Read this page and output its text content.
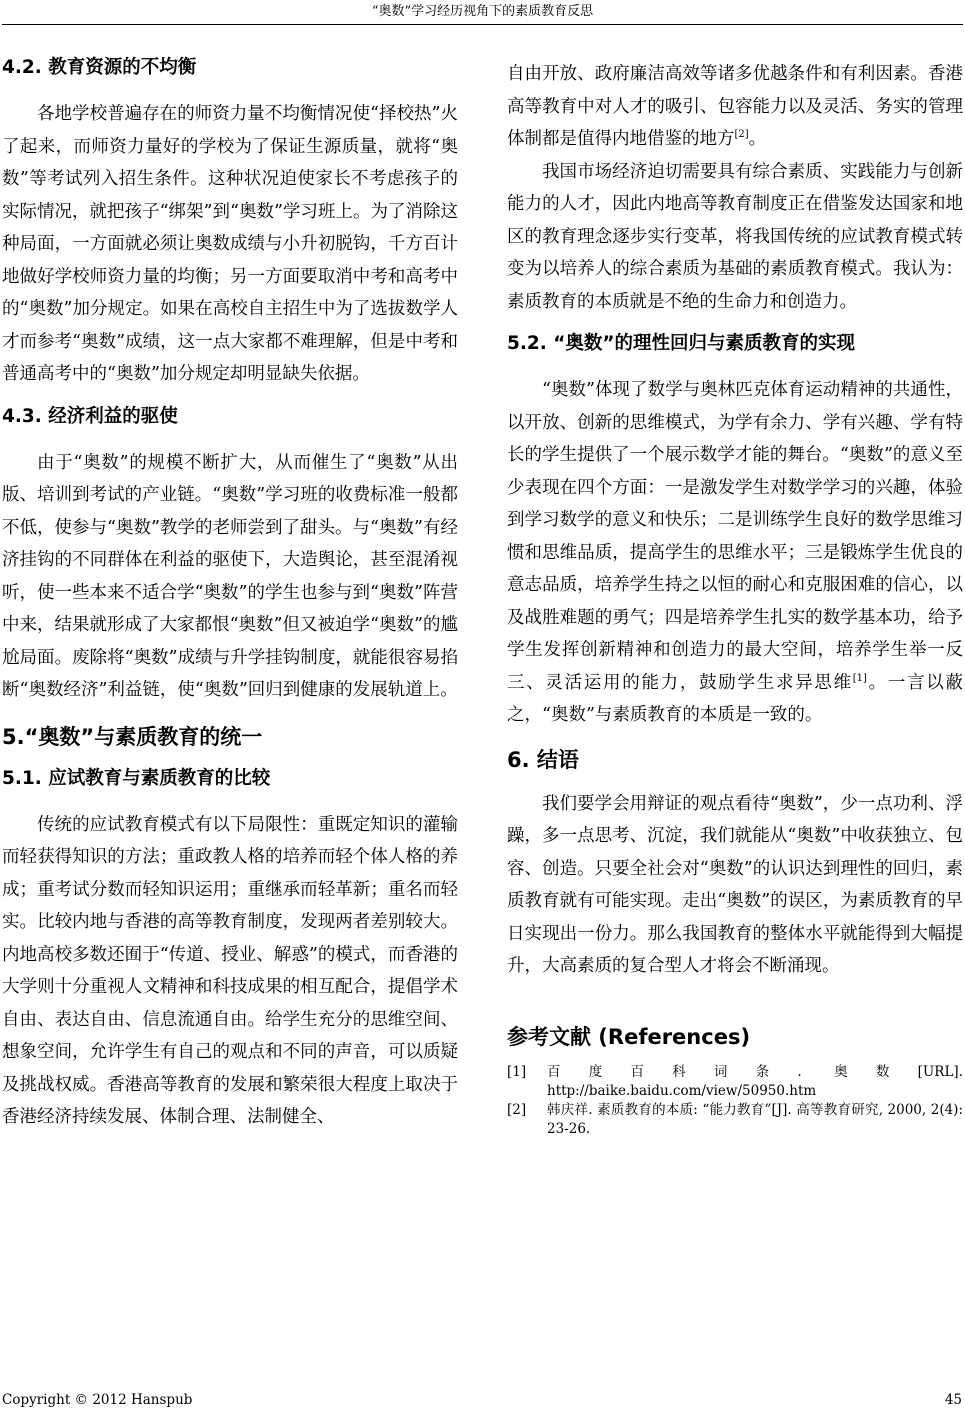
“奥数”学习经历视角下的素质教育反思
4.2. 教育资源的不均衡

各地学校普遍存在的师资力量不均衡情况使“择校热”火了起来，而师资力量好的学校为了保证生源质量，就将“奥数”等考试列入招生条件。这种状况迫使家长不考虑孩子的实际情况，就把孩子“绑架”到“奥数”学习班上。为了消除这种局面，一方面就必须让奥数成绩与小升初脱钩，千方百计地做好学校师资力量的均衡；另一方面要取消中考和高考中的“奥数”加分规定。如果在高校自主招生中为了选拔数学人才而参考“奥数”成绩，这一点大家都不难理解，但是中考和普通高考中的“奥数”加分规定却明显缺失依据。

4.3. 经济利益的驱使

由于“奥数”的规模不断扩大，从而催生了“奥数”从出版、培训到考试的产业链。“奥数”学习班的收费标准一般都不低，使参与“奥数”教学的老师尝到了甜头。与“奥数”有经济挂钩的不同群体在利益的驱使下，大造舆论，甚至混淆视听，使一些本来不适合学“奥数”的学生也参与到“奥数”阵营中来，结果就形成了大家都恨“奥数”但又被迫学“奥数”的尴尬局面。废除将“奥数”成绩与升学挂钩制度，就能很容易掐断“奥数经济”利益链，使“奥数”回归到健康的发展轨道上。

5.“奥数”与素质教育的统一
5.1. 应试教育与素质教育的比较

传统的应试教育模式有以下局限性：重既定知识的灌输而轻获得知识的方法；重政教人格的培养而轻个体人格的养成；重考试分数而轻知识运用；重继承而轻革新；重名而轻实。比较内地与香港的高等教育制度，发现两者差别较大。内地高校多数还囿于“传道、授业、解惑”的模式，而香港的大学则十分重视人文精神和科技成果的相互配合，提倡学术自由、表达自由、信息流通自由。给学生充分的思维空间、想象空间，允许学生有自己的观点和不同的声音，可以质疑及挑战权威。香港高等教育的发展和繁荣很大程度上取决于香港经济持续发展、体制合理、法制健全、

自由开放、政府廉洁高效等诸多优越条件和有利因素。香港高等教育中对人才的吸引、包容能力以及灵活、务实的管理体制都是值得内地借鉴的地方[2]。

我国市场经济迫切需要具有综合素质、实践能力与创新能力的人才，因此内地高等教育制度正在借鉴发达国家和地区的教育理念逐步实行变革，将我国传统的应试教育模式转变为以培养人的综合素质为基础的素质教育模式。我认为：素质教育的本质就是不绝的生命力和创造力。

5.2. “奥数”的理性回归与素质教育的实现

“奥数”体现了数学与奥林匹克体育运动精神的共通性，以开放、创新的思维模式，为学有余力、学有兴趣、学有特长的学生提供了一个展示数学才能的舞台。“奥数”的意义至少表现在四个方面：一是激发学生对数学学习的兴趣，体验到学习数学的意义和快乐；二是训练学生良好的数学思维习惯和思维品质，提高学生的思维水平；三是锻炼学生优良的意志品质，培养学生持之以恒的耐心和克服困难的信心，以及战胜难题的勇气；四是培养学生扎实的数学基本功，给予学生发挥创新精神和创造力的最大空间，培养学生举一反三、灵活运用的能力，鼓励学生求异思维[1]。一言以蔽之，“奥数”与素质教育的本质是一致的。

6. 结语

我们要学会用辩证的观点看待“奥数”，少一点功利、浮躁，多一点思考、沉淀，我们就能从“奥数”中收获独立、包容、创造。只要全社会对“奥数”的认识达到理性的回归，素质教育就有可能实现。走出“奥数”的误区，为素质教育的早日实现出一份力。那么我国教育的整体水平就能得到大幅提升，大高素质的复合型人才将会不断涌现。

参考文献 (References)
[1]	百度百科词条. 奥数[URL]. http://baike.baidu.com/view/50950.htm
[2]	韩庆祥. 素质教育的本质: “能力教育”[J]. 高等教育研究, 2000, 2(4): 23-26.
Copyright © 2012 Hanspub	45
